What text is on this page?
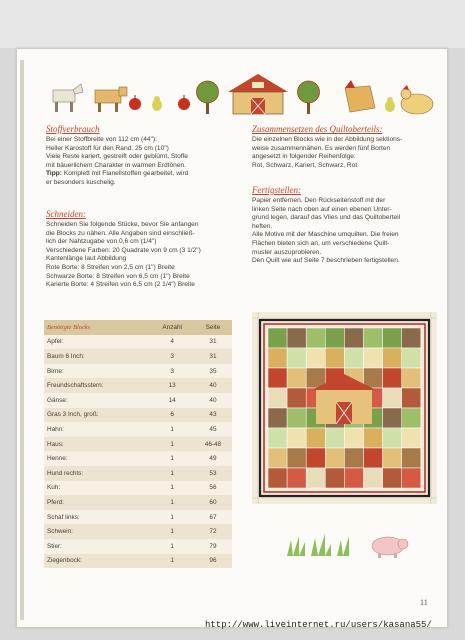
Stoffverbrauch
Bei einer Stoffbreite von 112 cm (44"):
Heller Karostoff für den Rand: 25 cm (10")
Viele Reste kariert, gestreift oder geblümt, Stoffe
mit bäuerlichem Charakter in warmen Erdtönen.
Tipp: Komplett mit Flanellstoffen gearbeitet, wird
er besonders kuschelig.
Schneiden:
Schneiden Sie folgende Stücke, bevor Sie anfangen
die Blocks zu nähen. Alle Angaben sind einschließ-
lich der Nahtzugabe von 0,6 cm (1/4")
Verschiedene Farben: 20 Quadrate von 9 cm (3 1/2")
Kantenlänge laut Abbildung
Rote Borte: 8 Streifen von 2,5 cm (1") Breite
Schwarze Borte: 8 Streifen von 6,5 cm (1") Breite
Karierte Borte: 4 Streifen von 6,5 cm (2 1/4") Breite
Benötigte Blocks	Anzahl	Seite
Apfel:	4	31
Baum 6 Inch:	3	31
Birne:	3	35
Freundschaftsstern:	13	40
Gänse:	14	40
Gras 3 Inch, groß:	6	43
Hahn:	1	45
Haus:	1	46-48
Henne:	1	49
Hund rechts:	1	53
Kuh:	1	56
Pferd:	1	60
Schaf links:	1	67
Schwein:	1	72
Stier:	1	79
Ziegenbock:	1	96
Zusammensetzen des Quiltoberteils:
Die einzelnen Blocks wie in der Abbildung sektions-
weise zusammennähen. Es werden fünf Borten
angesetzt in folgender Reihenfolge:
Rot, Schwarz, Kariert, Schwarz, Rot
Fertigstellen:
Papier entfernen. Den Rückseitenstoff mit der
linken Seite nach oben auf einen ebenen Unter-
grund legen, darauf das Vlies und das Quiltoberteil
heften.
Alle Motive mit der Maschine umquilten. Die freien
Flächen bieten sich an, um verschiedene Quilt-
muster auszuprobieren.
Den Quilt wie auf Seite 7 beschrieben fertigstellen.
11
http://www.liveinternet.ru/users/kasana55/
